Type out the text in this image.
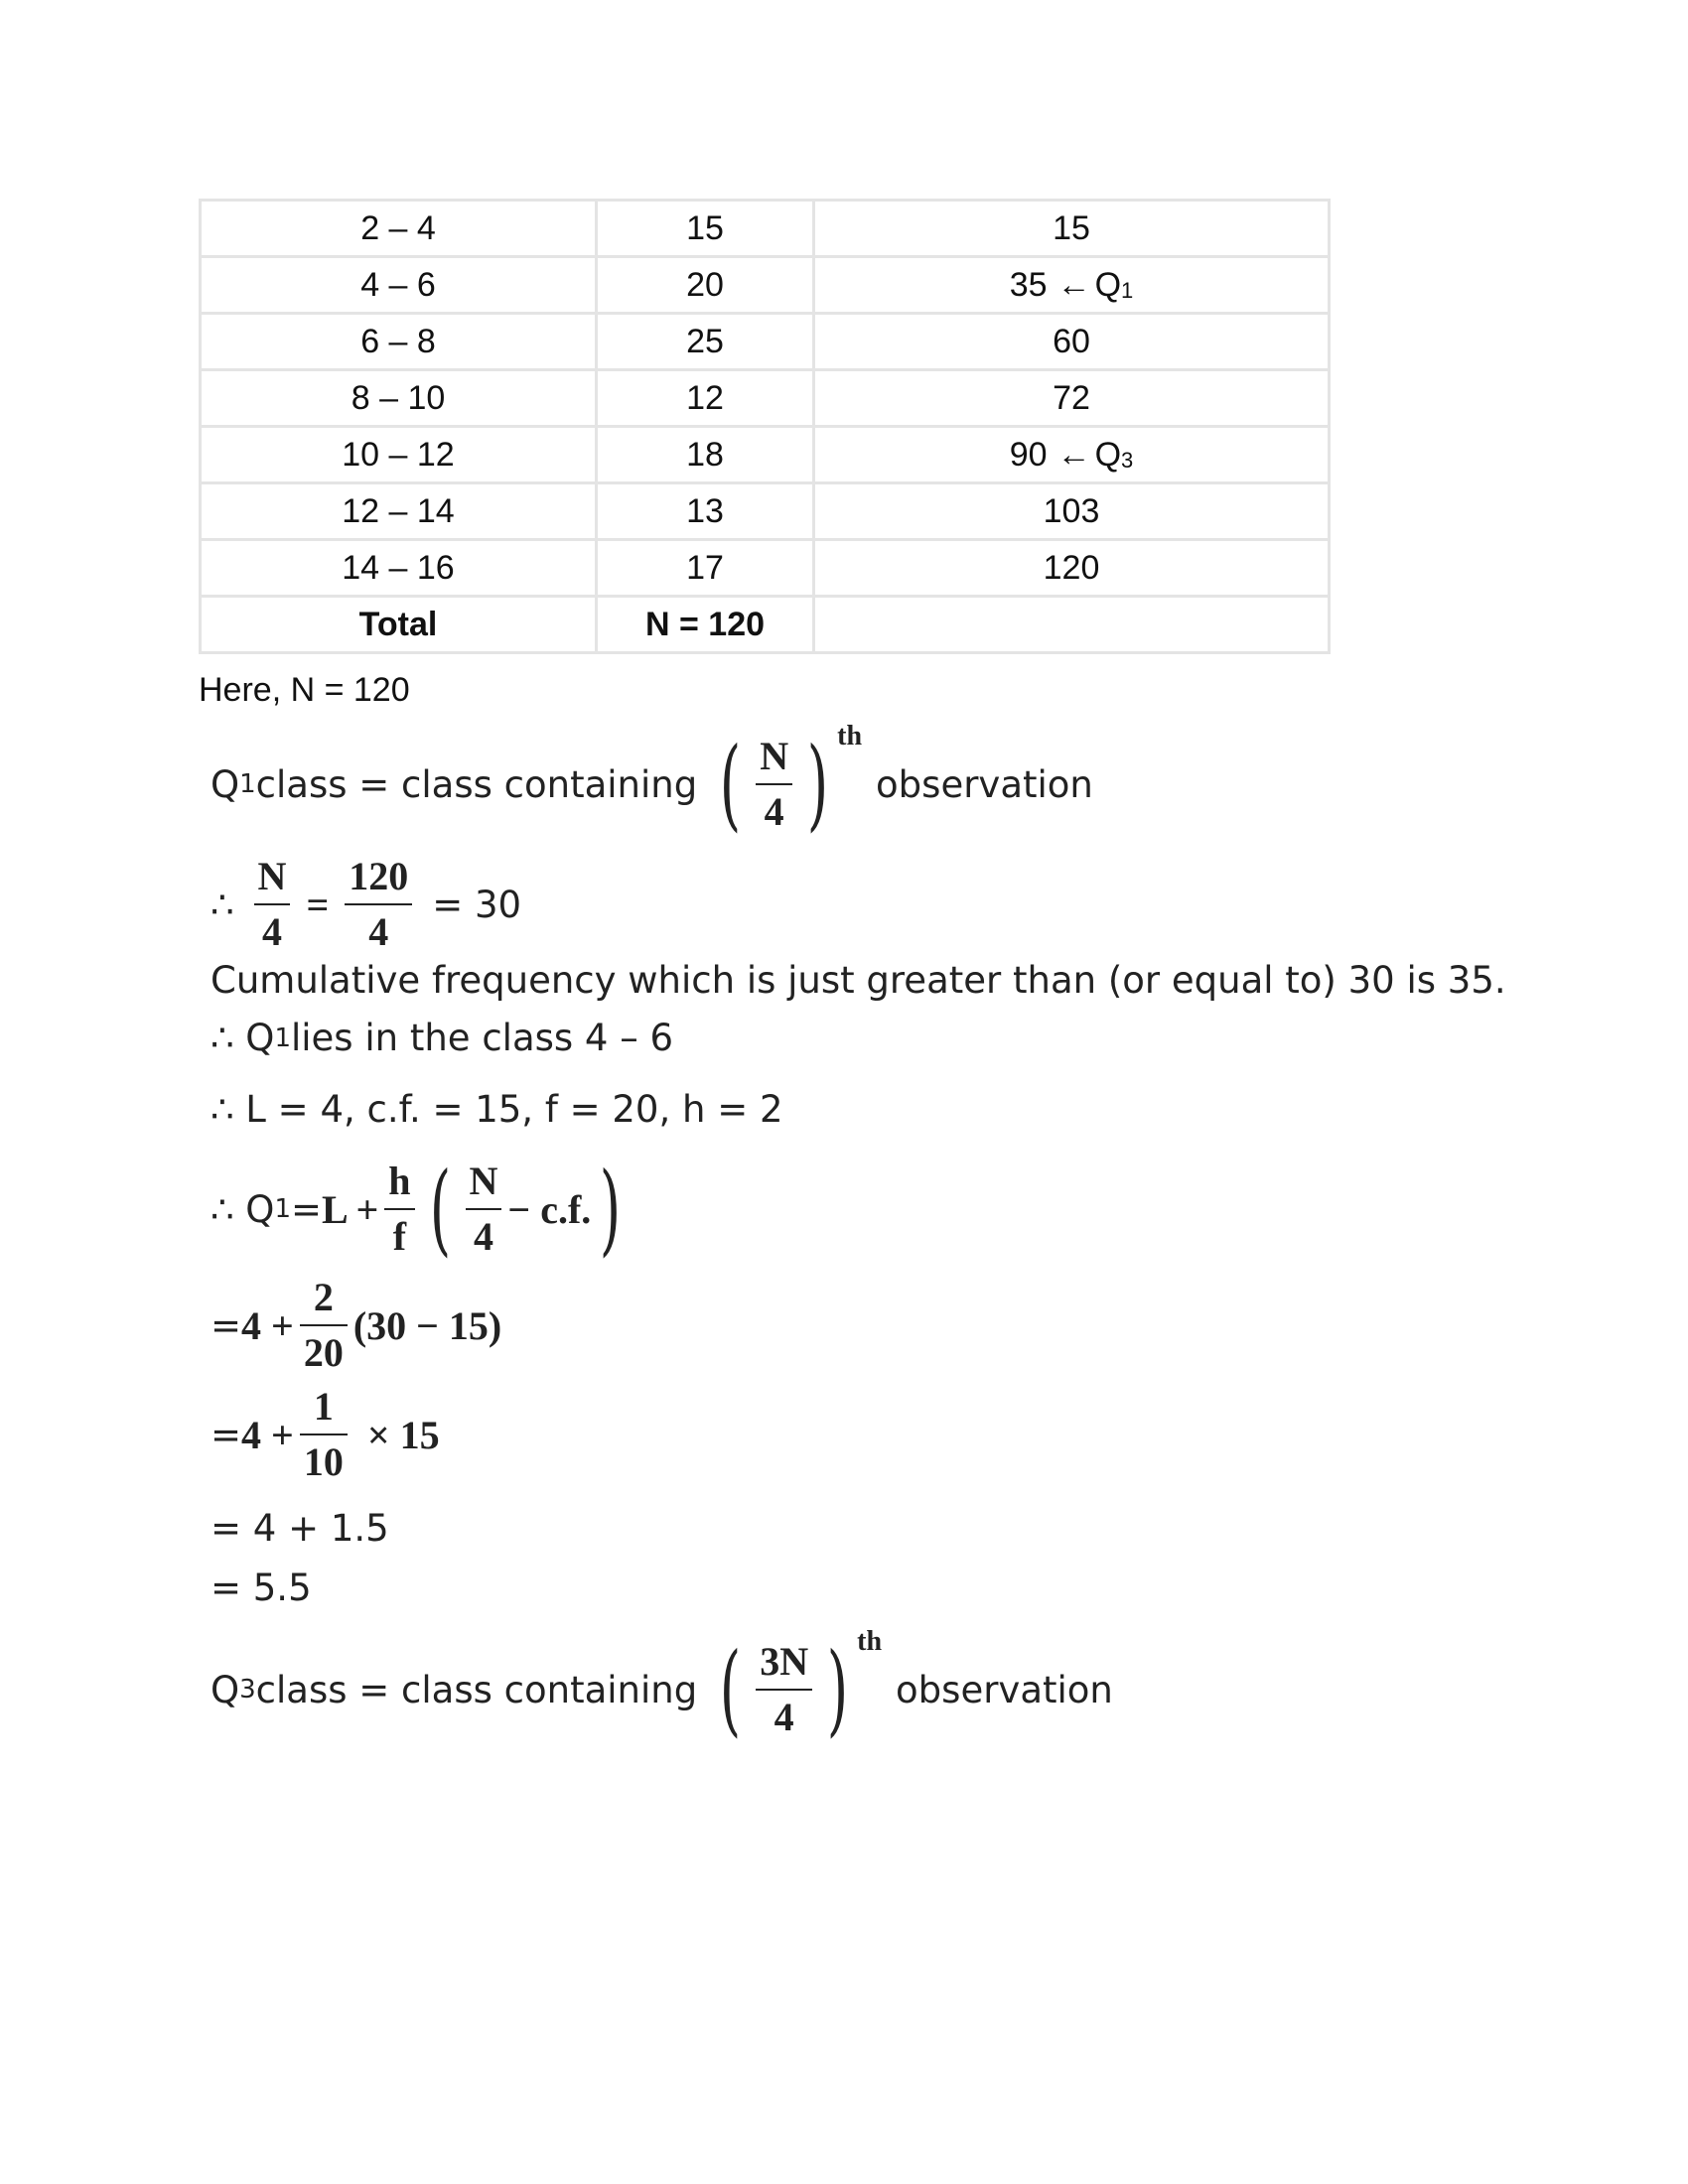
2 – 4	15	15
4 – 6	20	35 ← $Q_1$
6 – 8	25	60
8 – 10	12	72
10 – 12	18	90 ← $Q_3$
12 – 14	13	103
14 – 16	17	120
Total	N = 120	
Here, N = 120
Q 1 class = class containing ( $\frac{N}{4}$ ) th
observation
∴ $\frac{N}{4} = \frac{120}{4} = 30$
Cumulative frequency which is just greater than (or equal to) 30 is 35.
∴ Q 1 lies in the class 4 – 6
∴ L = 4, c.f. = 15, f = 20, h = 2
∴ Q $1 = L + \frac{h}{f}$ ( $\frac{N}{4} - c.f$. )
= $4 + \frac{2}{20} (30 - 15)$
= $4 + \frac{1}{10} \times 15$
= 4 + 1.5
= 5.5
Q 3 class = class containing ( $\frac{3N}{4}$ ) th
observation
